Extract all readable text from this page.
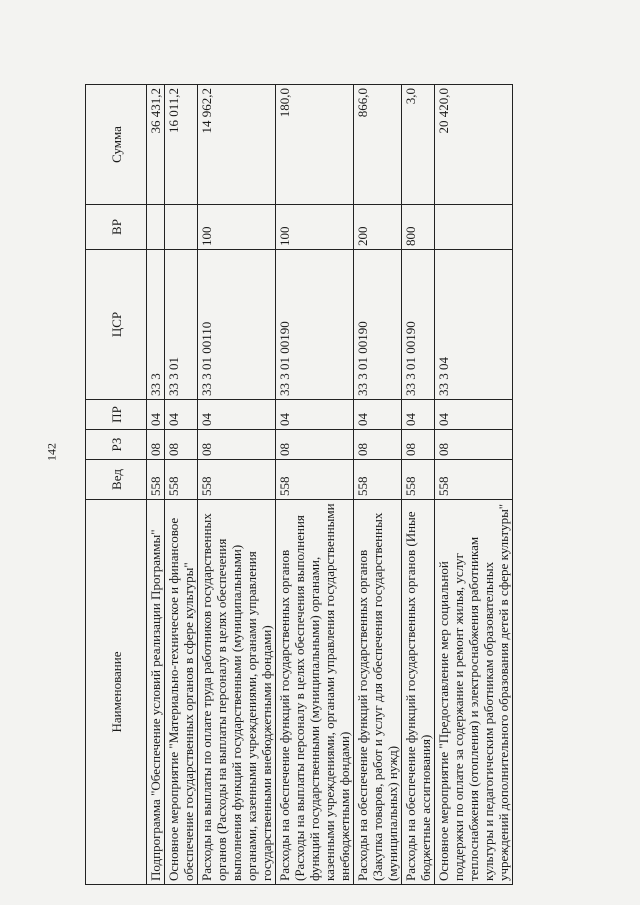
142
Наименование	Вед	РЗ	ПР	ЦСР	ВР	Сумма
Подпрограмма "Обеспечение условий реализации Программы"	558	08	04	33 3		36 431,2
Основное мероприятие "Материально-техническое и финансовое обеспечение государственных органов в сфере культуры"	558	08	04	33 3 01		16 011,2
Расходы на выплаты по оплате труда работников государственных органов (Расходы на выплаты персоналу в целях обеспечения выполнения функций государственными (муниципальными) органами, казенными учреждениями, органами управления государственными внебюджетными фондами)	558	08	04	33 3 01 00110	100	14 962,2
Расходы на обеспечение функций государственных органов (Расходы на выплаты персоналу в целях обеспечения выполнения функций государственными (муниципальными) органами, казенными учреждениями, органами управления государственными внебюджетными фондами)	558	08	04	33 3 01 00190	100	180,0
Расходы на обеспечение функций государственных органов (Закупка товаров, работ и услуг для обеспечения государственных (муниципальных) нужд)	558	08	04	33 3 01 00190	200	866,0
Расходы на обеспечение функций государственных органов (Иные бюджетные ассигнования)	558	08	04	33 3 01 00190	800	3,0
Основное мероприятие "Предоставление мер социальной поддержки по оплате за содержание и ремонт жилья, услуг теплоснабжения (отопления) и электроснабжения работникам культуры и педагогическим работникам образовательных учреждений дополнительного образования детей в сфере культуры"	558	08	04	33 3 04		20 420,0
